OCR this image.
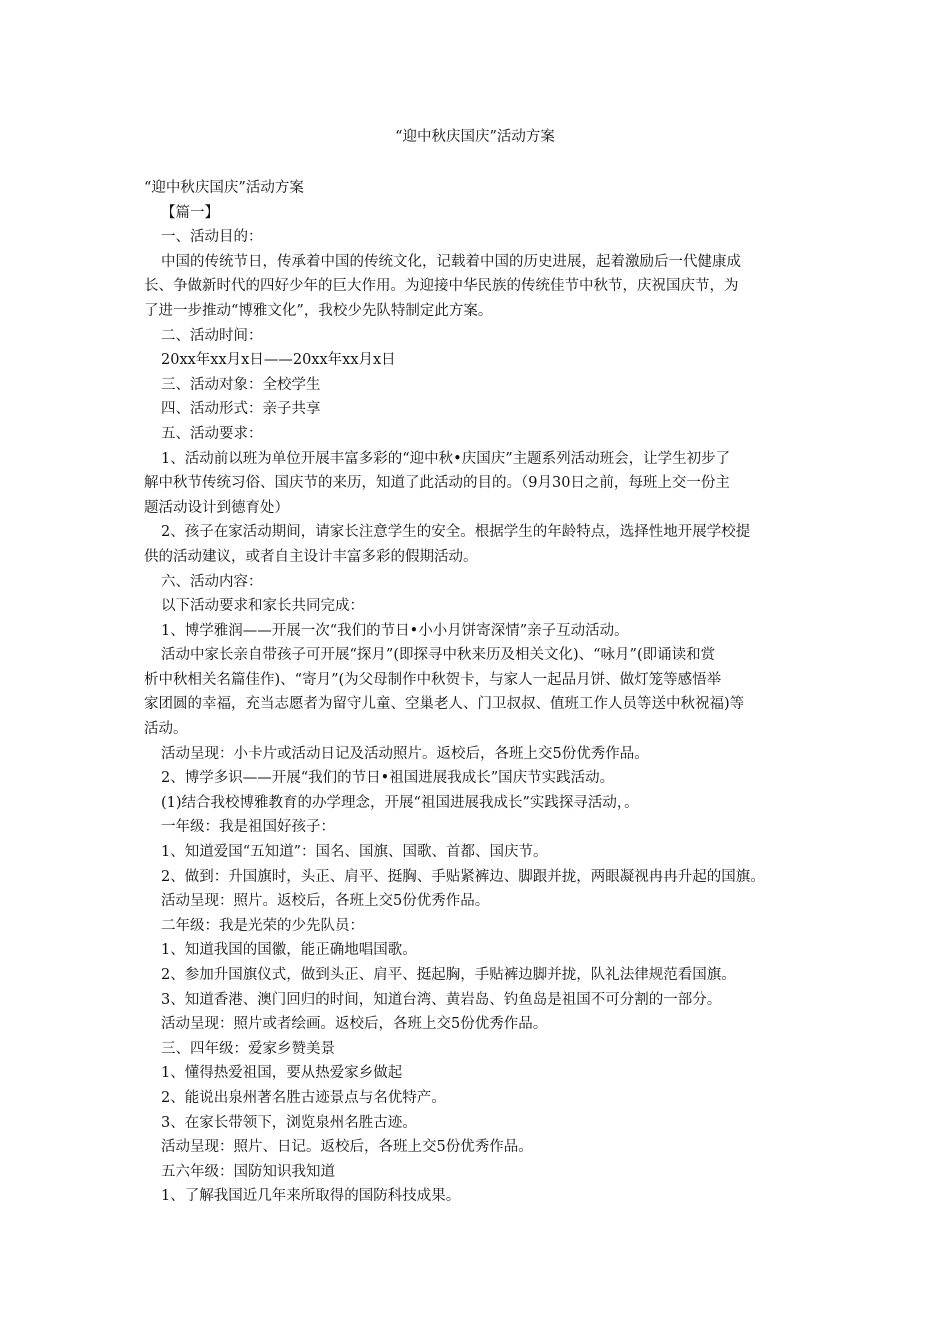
“迎中秋庆国庆”活动方案
“迎中秋庆国庆”活动方案
【篇一】
一、活动目的：
中国的传统节日，传承着中国的传统文化，记载着中国的历史进展，起着激励后一代健康成
长、争做新时代的四好少年的巨大作用。为迎接中华民族的传统佳节中秋节，庆祝国庆节，为
了进一步推动“博雅文化”，我校少先队特制定此方案。
二、活动时间：
20xx年xx月x日——20xx年xx月x日
三、活动对象：全校学生
四、活动形式：亲子共享
五、活动要求：
1、活动前以班为单位开展丰富多彩的“迎中秋•庆国庆”主题系列活动班会，让学生初步了
解中秋节传统习俗、国庆节的来历，知道了此活动的目的。（9月30日之前，每班上交一份主
题活动设计到德育处）
2、孩子在家活动期间，请家长注意学生的安全。根据学生的年龄特点，选择性地开展学校提
供的活动建议，或者自主设计丰富多彩的假期活动。
六、活动内容：
以下活动要求和家长共同完成：
1、博学雅润——开展一次“我们的节日•小小月饼寄深情”亲子互动活动。
活动中家长亲自带孩子可开展“探月”(即探寻中秋来历及相关文化)、“咏月”(即诵读和赏
析中秋相关名篇佳作)、“寄月”(为父母制作中秋贺卡，与家人一起品月饼、做灯笼等感悟举
家团圆的幸福，充当志愿者为留守儿童、空巢老人、门卫叔叔、值班工作人员等送中秋祝福)等
活动。
活动呈现：小卡片或活动日记及活动照片。返校后，各班上交5份优秀作品。
2、博学多识——开展“我们的节日•祖国进展我成长”国庆节实践活动。
(1)结合我校博雅教育的办学理念，开展“祖国进展我成长”实践探寻活动，。
一年级：我是祖国好孩子：
1、知道爱国“五知道”：国名、国旗、国歌、首都、国庆节。
2、做到：升国旗时，头正、肩平、挺胸、手贴紧裤边、脚跟并拢，两眼凝视冉冉升起的国旗。
活动呈现：照片。返校后，各班上交5份优秀作品。
二年级：我是光荣的少先队员：
1、知道我国的国徽，能正确地唱国歌。
2、参加升国旗仪式，做到头正、肩平、挺起胸，手贴裤边脚并拢，队礼法律规范看国旗。
3、知道香港、澳门回归的时间，知道台湾、黄岩岛、钓鱼岛是祖国不可分割的一部分。
活动呈现：照片或者绘画。返校后，各班上交5份优秀作品。
三、四年级：爱家乡赞美景
1、懂得热爱祖国，要从热爱家乡做起
2、能说出泉州著名胜古迹景点与名优特产。
3、在家长带领下，浏览泉州名胜古迹。
活动呈现：照片、日记。返校后，各班上交5份优秀作品。
五六年级：国防知识我知道
1、了解我国近几年来所取得的国防科技成果。
